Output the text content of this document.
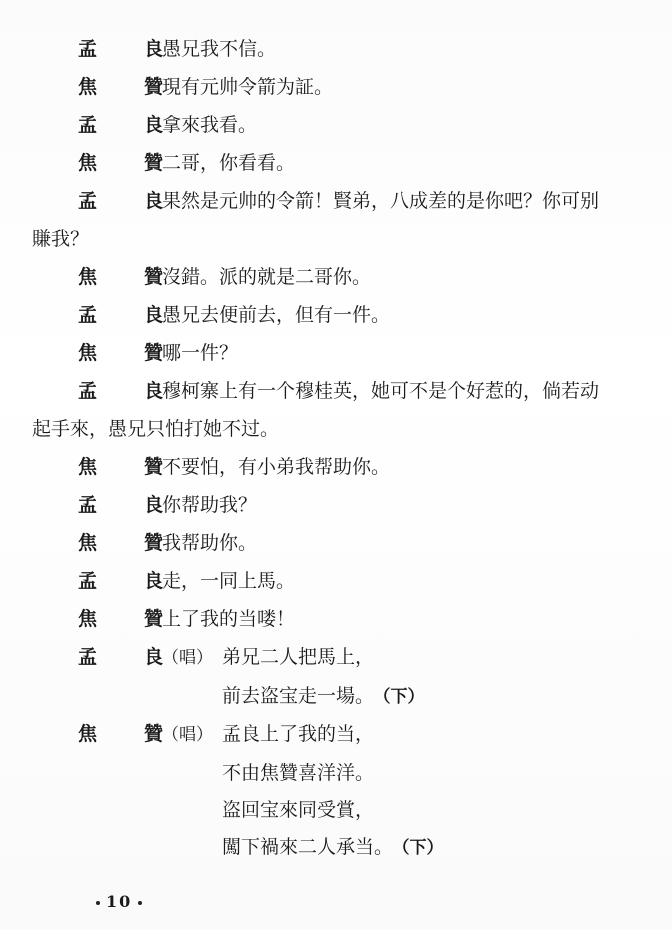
孟　良
愚兄我不信。
焦　贊
現有元帅令箭为証。
孟　良
拿來我看。
焦　贊
二哥，你看看。
孟　良
果然是元帅的令箭！賢弟，八成差的是你吧？你可别
賺我？
焦　贊
沒錯。派的就是二哥你。
孟　良
愚兄去便前去，但有一件。
焦　贊
哪一件？
孟　良
穆柯寨上有一个穆桂英，她可不是个好惹的，倘若动
起手來，愚兄只怕打她不过。
焦　贊
不要怕，有小弟我帮助你。
孟　良
你帮助我？
焦　贊
我帮助你。
孟　良
走，一同上馬。
焦　贊
上了我的当喽！
孟　良
（唱） 弟兄二人把馬上，
前去盗宝走一場。 （下）
焦　贊
（唱） 孟良上了我的当，
不由焦贊喜洋洋。
盗回宝來同受賞，
闖下禍來二人承当。 （下）
10
